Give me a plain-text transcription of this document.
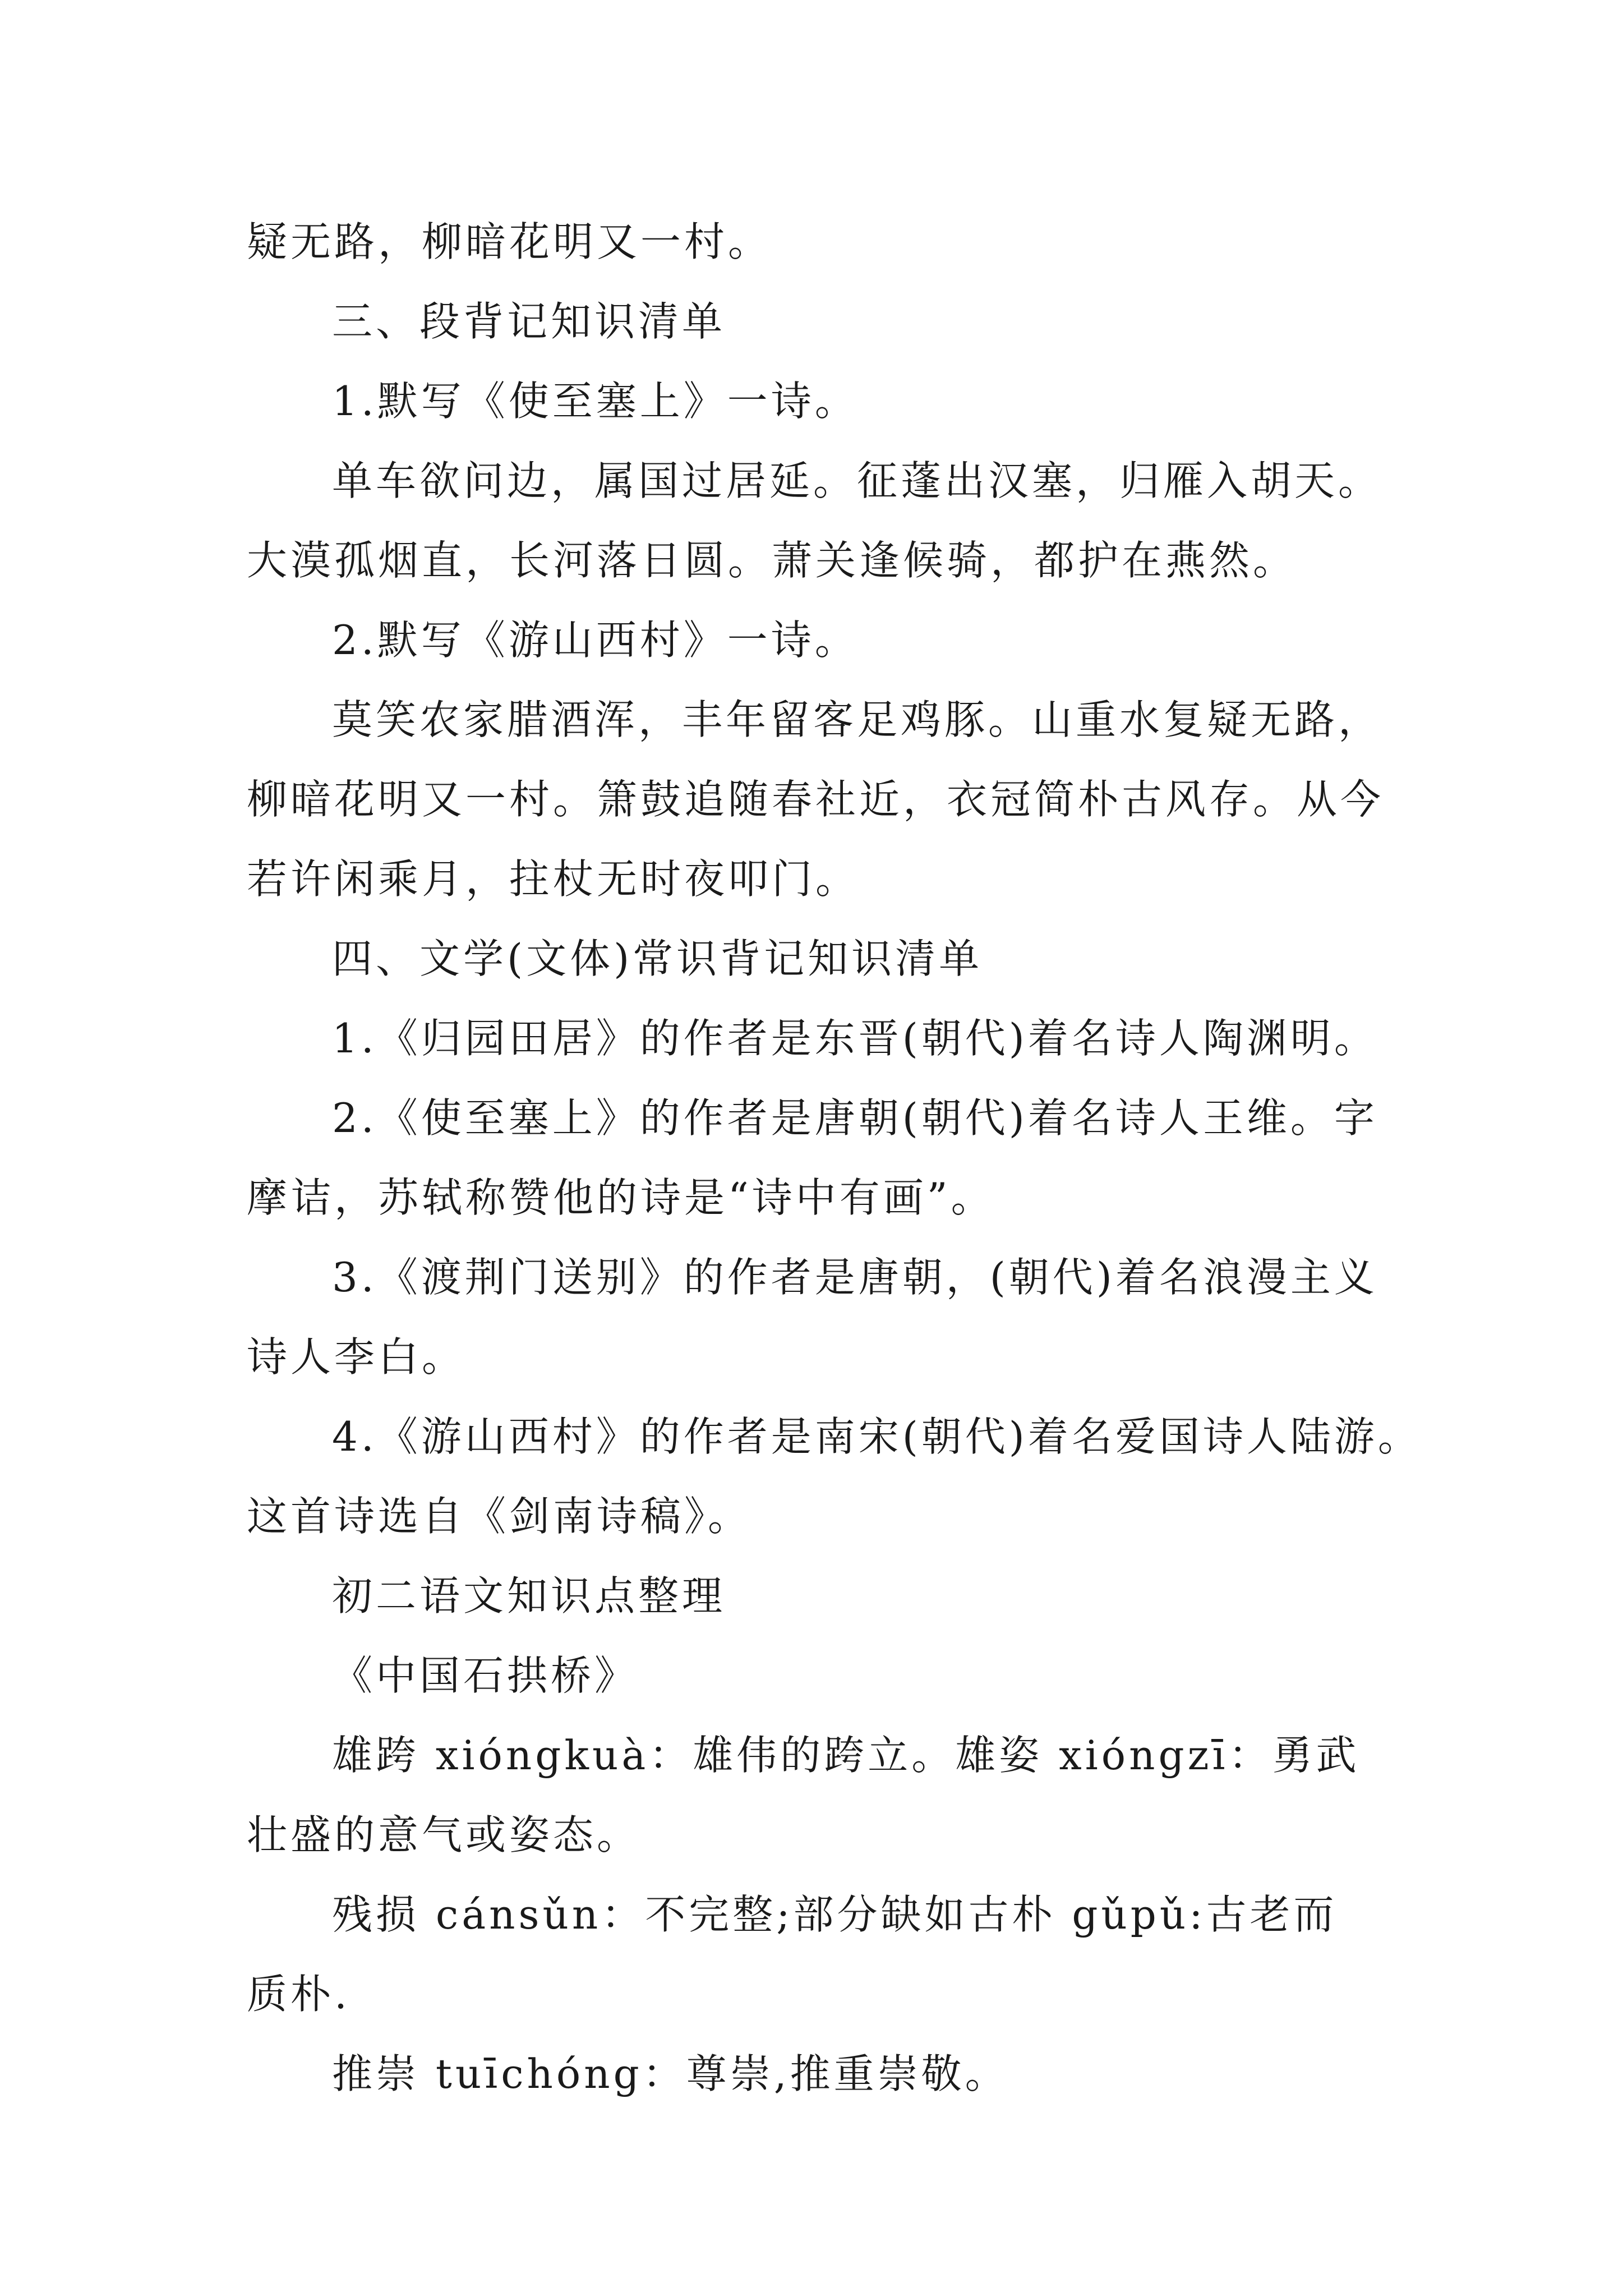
疑无路，柳暗花明又一村。

三、段背记知识清单

1.默写《使至塞上》一诗。

单车欲问边，属国过居延。征蓬出汉塞，归雁入胡天。

大漠孤烟直，长河落日圆。萧关逢候骑，都护在燕然。

2.默写《游山西村》一诗。

莫笑农家腊酒浑，丰年留客足鸡豚。山重水复疑无路，

柳暗花明又一村。箫鼓追随春社近，衣冠简朴古风存。从今

若许闲乘月，拄杖无时夜叩门。

四、文学(文体)常识背记知识清单

1.《归园田居》的作者是东晋(朝代)着名诗人陶渊明。

2.《使至塞上》的作者是唐朝(朝代)着名诗人王维。字

摩诘，苏轼称赞他的诗是“诗中有画”。

3.《渡荆门送别》的作者是唐朝，(朝代)着名浪漫主义

诗人李白。

4.《游山西村》的作者是南宋(朝代)着名爱国诗人陆游。

这首诗选自《剑南诗稿》。

初二语文知识点整理

《中国石拱桥》

雄跨 xióngkuà：雄伟的跨立。雄姿 xióngzī：勇武

壮盛的意气或姿态。

残损 cánsǔn：不完整;部分缺如古朴 gǔpǔ:古老而

质朴.

推崇 tuīchóng：尊崇,推重崇敬。
